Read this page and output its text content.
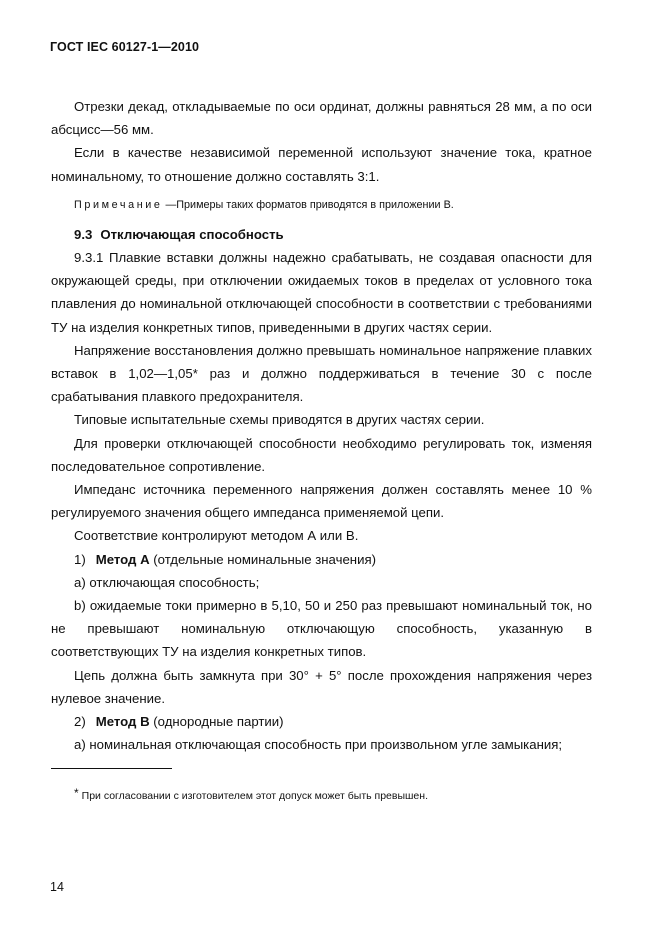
ГОСТ IEC 60127-1—2010

Отрезки декад, откладываемые по оси ординат, должны равняться 28 мм, а по оси абсцисс—56 мм.

Если в качестве независимой переменной используют значение тока, кратное номинальному, то отношение должно составлять 3:1.

Примечание —Примеры таких форматов приводятся в приложении В.

9.3 Отключающая способность

9.3.1 Плавкие вставки должны надежно срабатывать, не создавая опасности для окружающей среды, при отключении ожидаемых токов в пределах от условного тока плавления до номинальной отключающей способности в соответствии с требованиями ТУ на изделия конкретных типов, приведенными в других частях серии.

Напряжение восстановления должно превышать номинальное напряжение плавких вставок в 1,02—1,05* раз и должно поддерживаться в течение 30 с после срабатывания плавкого предохранителя.

Типовые испытательные схемы приводятся в других частях серии.

Для проверки отключающей способности необходимо регулировать ток, изменяя последовательное сопротивление.

Импеданс источника переменного напряжения должен составлять менее 10 % регулируемого значения общего импеданса применяемой цепи.

Соответствие контролируют методом А или В.

1) Метод А (отдельные номинальные значения)

а) отключающая способность;

b) ожидаемые токи примерно в 5,10, 50 и 250 раз превышают номинальный ток, но не превышают номинальную отключающую способность, указанную в соответствующих ТУ на изделия конкретных типов.

Цепь должна быть замкнута при 30° + 5° после прохождения напряжения через нулевое значение.

2) Метод В (однородные партии)

а) номинальная отключающая способность при произвольном угле замыкания;

* При согласовании с изготовителем этот допуск может быть превышен.
14
